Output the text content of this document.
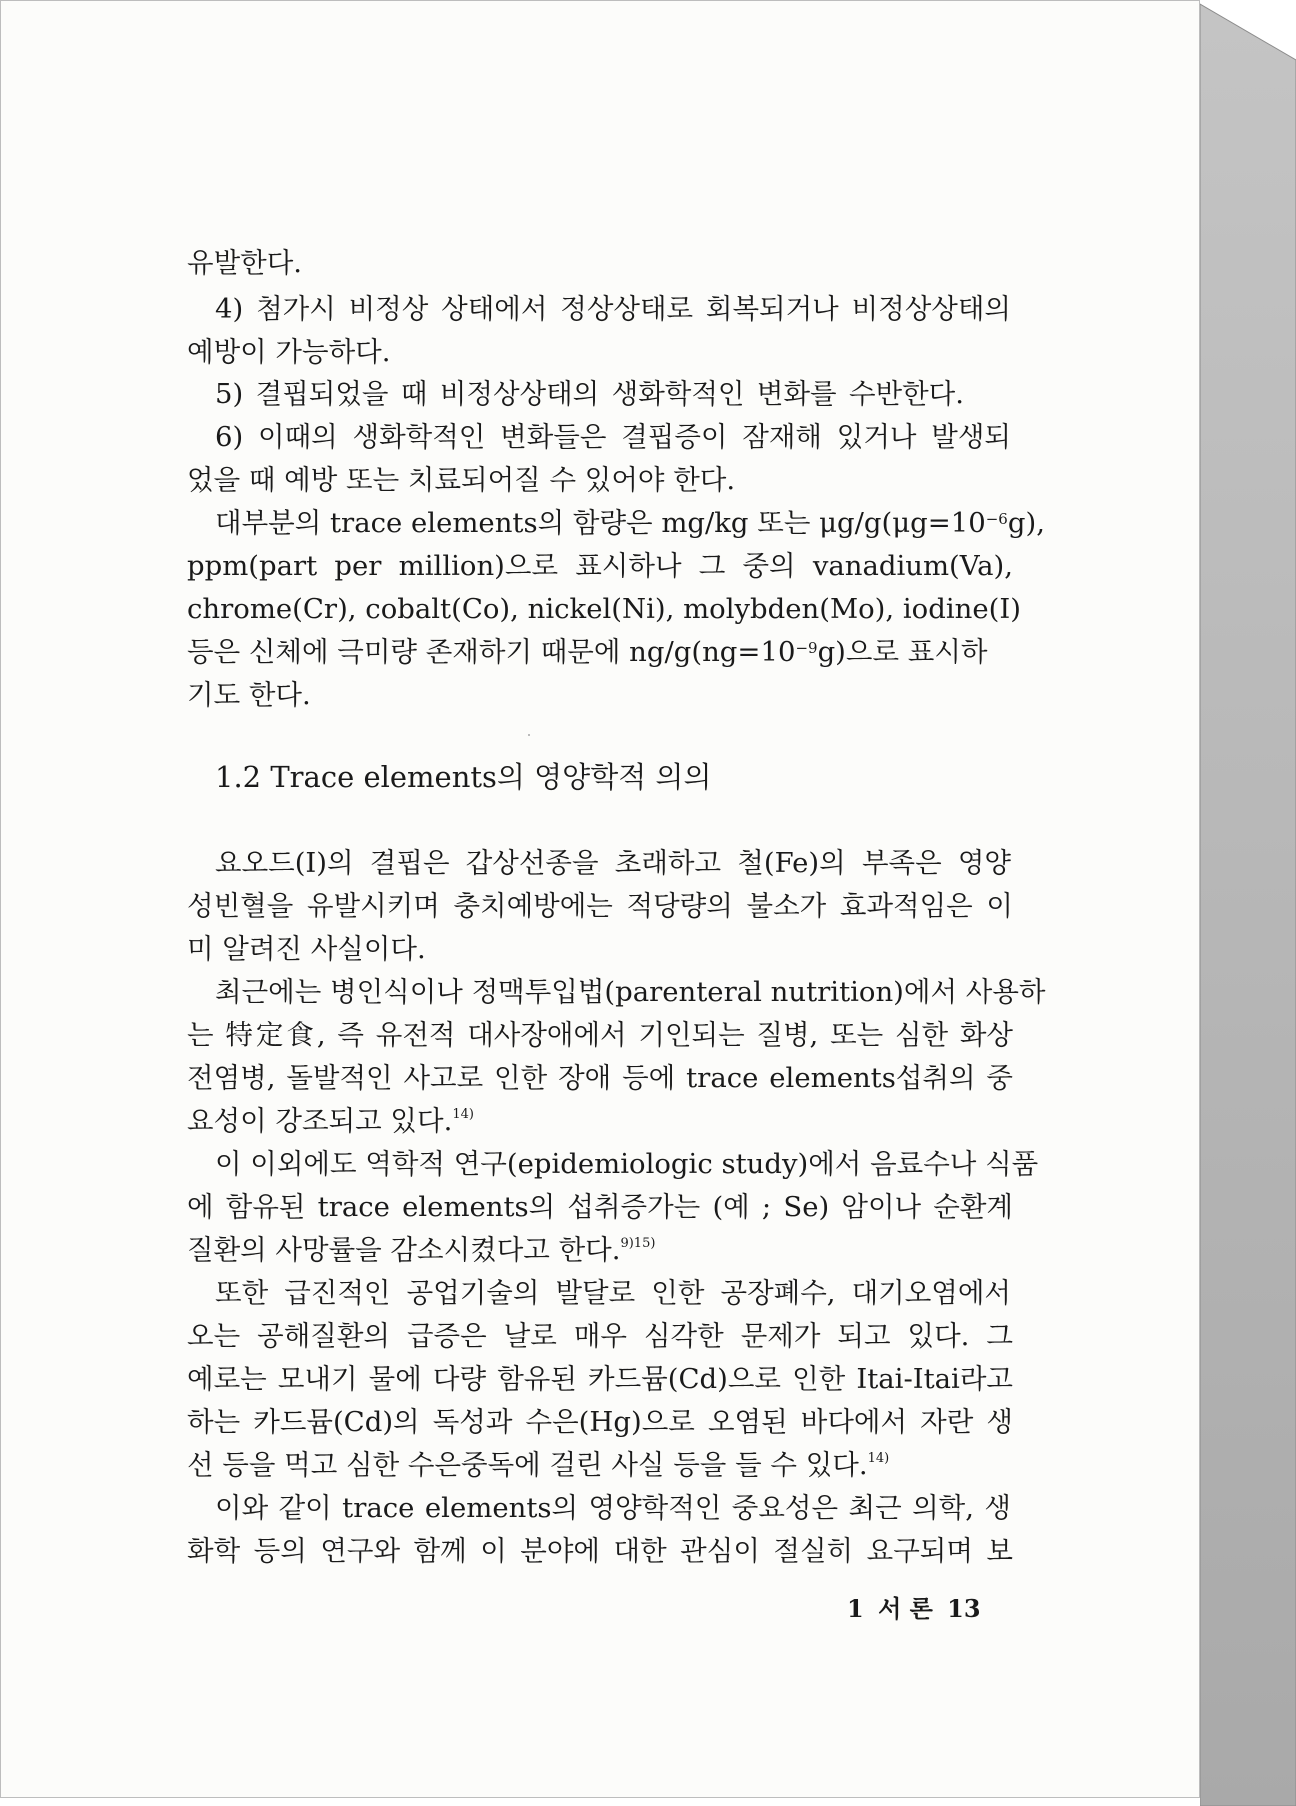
유발한다.
4) 첨가시 비정상 상태에서 정상상태로 회복되거나 비정상상태의
예방이 가능하다.
5) 결핍되었을 때 비정상상태의 생화학적인 변화를 수반한다.
6) 이때의 생화학적인 변화들은 결핍증이 잠재해 있거나 발생되
었을 때 예방 또는 치료되어질 수 있어야 한다.
대부분의 trace elements의 함량은 mg/kg 또는 $\mu g/g(\mu g=10^{-6}g)$,
ppm(part per million)으로 표시하나 그 중의 vanadium(Va),
chrome(Cr), cobalt(Co), nickel(Ni), molybden(Mo), iodine(I)
등은 신체에 극미량 존재하기 때문에 $ng/g(ng=10^{-9}g)$으로 표시하
기도 한다.
1.2 Trace elements의 영양학적 의의
요오드(I)의 결핍은 갑상선종을 초래하고 철(Fe)의 부족은 영양
성빈혈을 유발시키며 충치예방에는 적당량의 불소가 효과적임은 이
미 알려진 사실이다.
최근에는 병인식이나 정맥투입법(parenteral nutrition)에서 사용하
는 特定食, 즉 유전적 대사장애에서 기인되는 질병, 또는 심한 화상
전염병, 돌발적인 사고로 인한 장애 등에 trace elements섭취의 중
요성이 강조되고 있다.$^{14)}$
이 이외에도 역학적 연구(epidemiologic study)에서 음료수나 식품
에 함유된 trace elements의 섭취증가는 (예 ; Se) 암이나 순환계
질환의 사망률을 감소시켰다고 한다.$^{9)15)}$
또한 급진적인 공업기술의 발달로 인한 공장폐수, 대기오염에서
오는 공해질환의 급증은 날로 매우 심각한 문제가 되고 있다. 그
예로는 모내기 물에 다량 함유된 카드뮴(Cd)으로 인한 Itai-Itai라고
하는 카드뮴(Cd)의 독성과 수은(Hg)으로 오염된 바다에서 자란 생
선 등을 먹고 심한 수은중독에 걸린 사실 등을 들 수 있다.$^{14)}$
이와 같이 trace elements의 영양학적인 중요성은 최근 의학, 생
화학 등의 연구와 함께 이 분야에 대한 관심이 절실히 요구되며 보
1 서 론 13
